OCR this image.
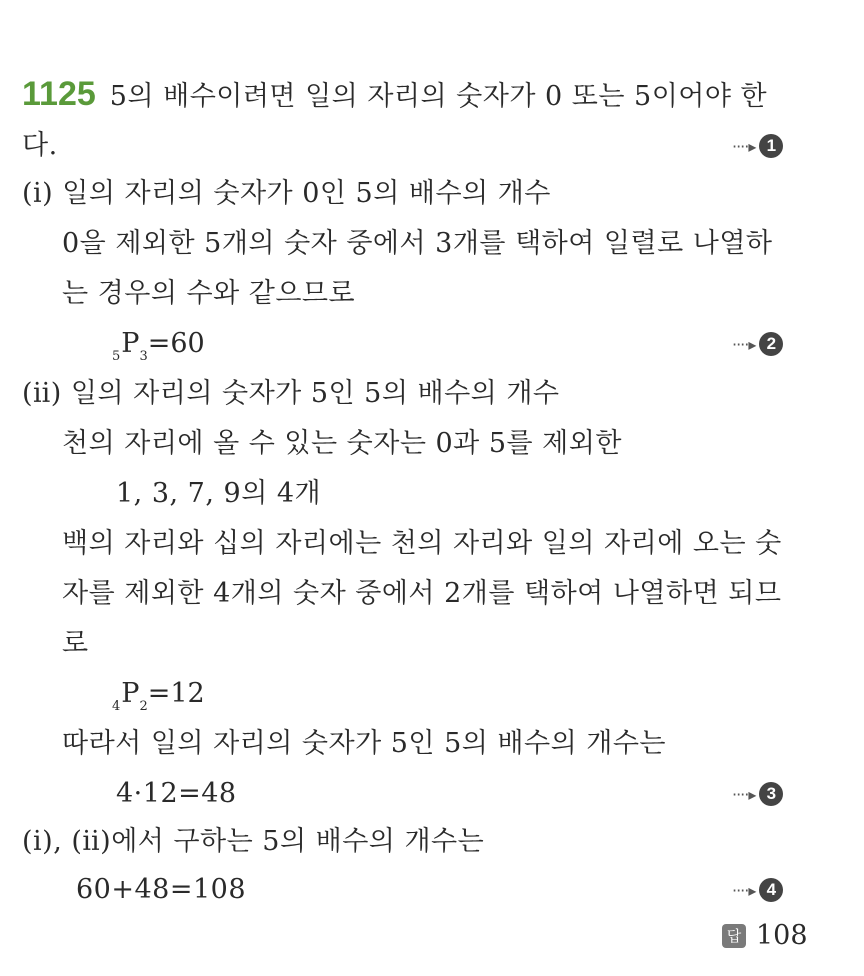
1125 5의 배수이려면 일의 자리의 숫자가 0 또는 5이어야 한
다.	····▸ 1
(ⅰ) 일의 자리의 숫자가 0인 5의 배수의 개수
0을 제외한 5개의 숫자 중에서 3개를 택하여 일렬로 나열하
는 경우의 수와 같으므로
$_5P_3=60$	····▸ 2
(ⅱ) 일의 자리의 숫자가 5인 5의 배수의 개수
천의 자리에 올 수 있는 숫자는 0과 5를 제외한
1, 3, 7, 9의 4개
백의 자리와 십의 자리에는 천의 자리와 일의 자리에 오는 숫
자를 제외한 4개의 숫자 중에서 2개를 택하여 나열하면 되므
로
$_4P_2=12$
따라서 일의 자리의 숫자가 5인 5의 배수의 개수는
4·12=48	····▸ 3
(ⅰ), (ⅱ)에서 구하는 5의 배수의 개수는
60+48=108	····▸ 4
답 108
